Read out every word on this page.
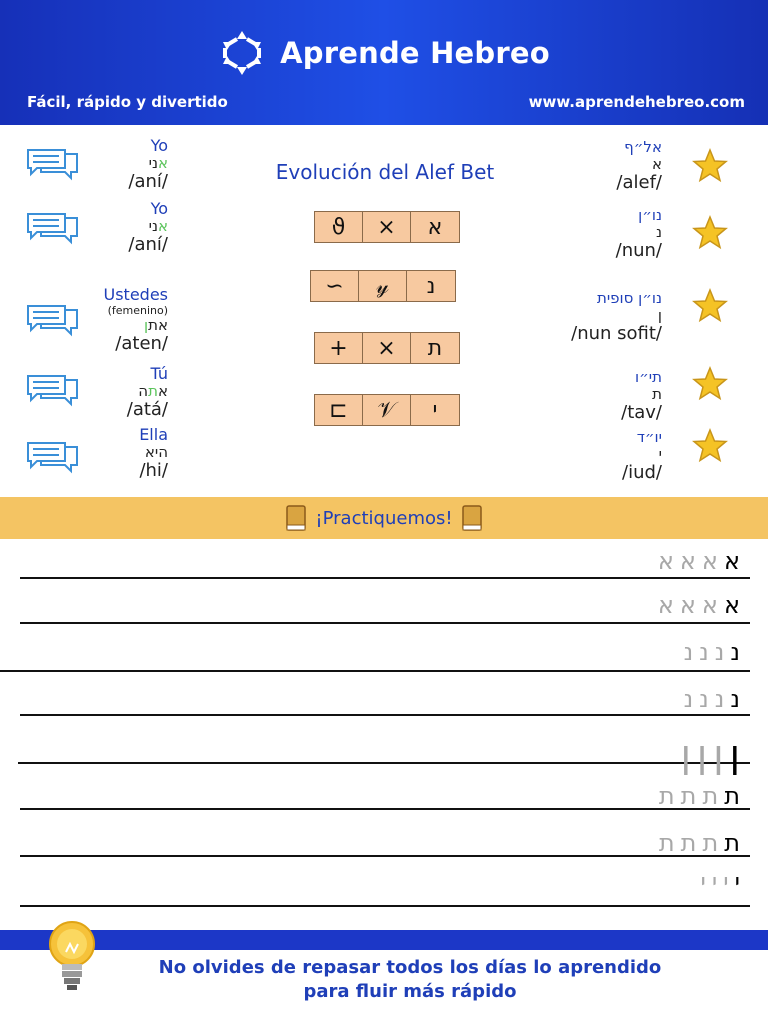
Aprende Hebreo
Fácil, rápido y divertido	www.aprendehebreo.com
Yo
אני
/aní/
Yo
אני
/aní/
Ustedes
(femenino)
אתן
/aten/
Tú
אתה
/atá/
Ella
היא
/hi/
Evolución del Alef Bet
ϑ	⨯	א
∽	𝓎	נ
+	×	ת
⊏	𝒱	י
אל״ף
א
/alef/
נו״ן
נ
/nun/
נו״ן סופית
ן
/nun sofit/
תי״ו
ת
/tav/
יו״ד
י
/iud/
¡Practiquemos!
א א א א
א א א א
נ נ נ נ
נ נ נ נ
ן ן ן ן
ת ת ת ת
ת ת ת ת
י י י י
No olvides de repasar todos los días lo aprendido
para fluir más rápido
